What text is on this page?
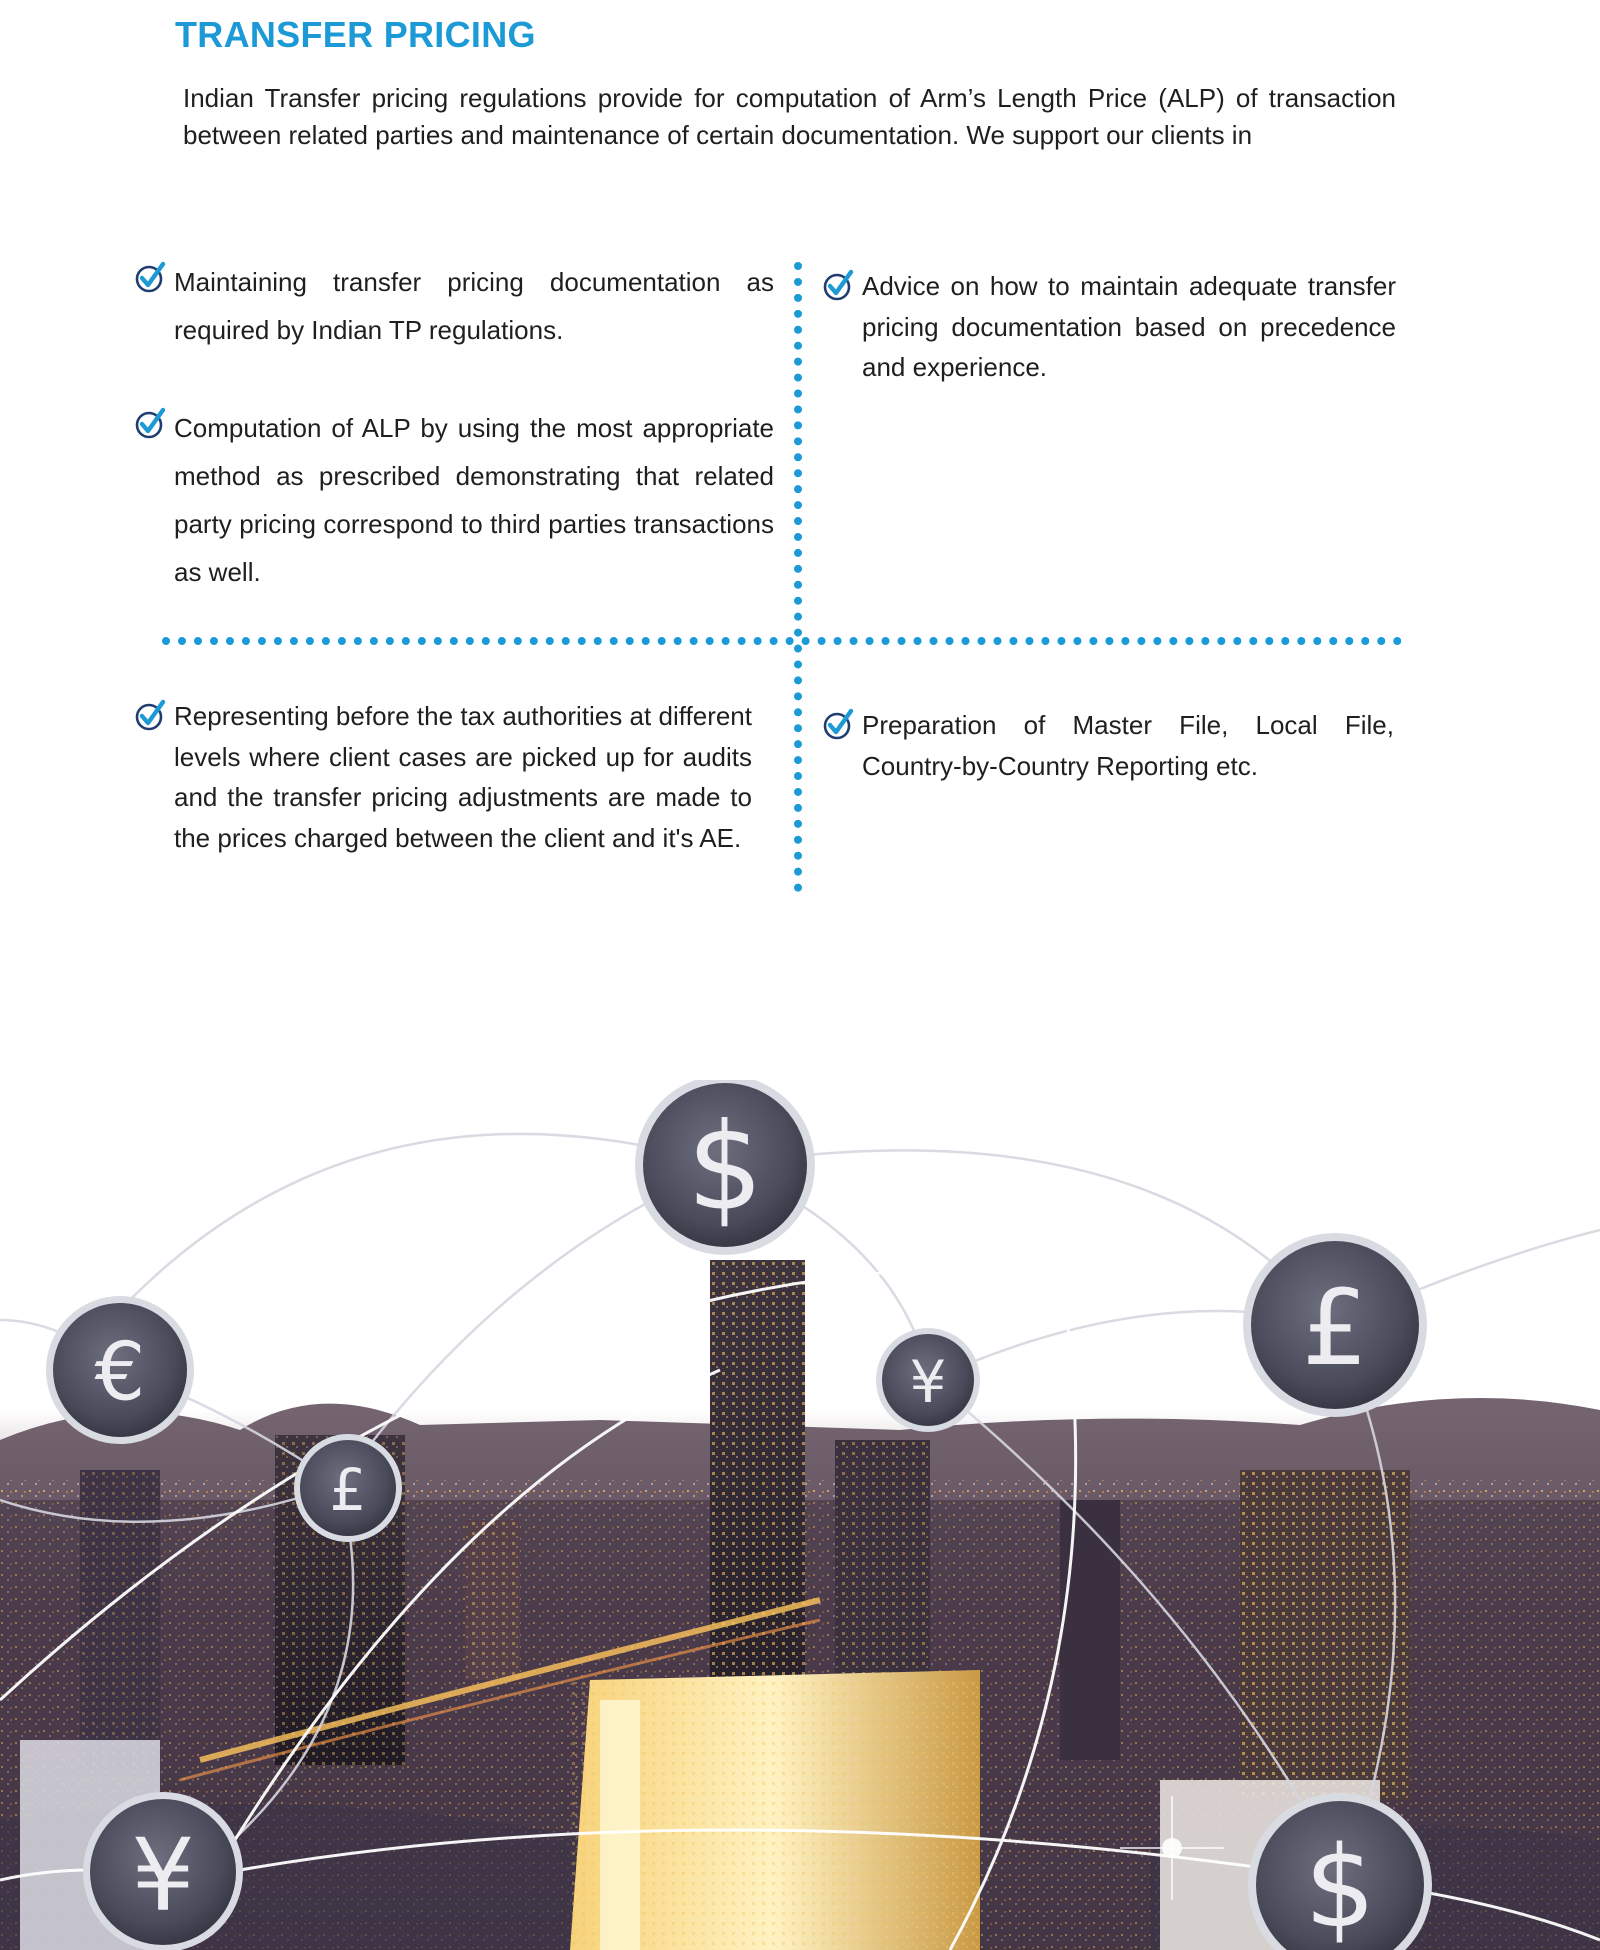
TRANSFER PRICING

Indian Transfer pricing regulations provide for computation of Arm’s Length Price (ALP) of transaction between related parties and maintenance of certain documentation. We support our clients in

Maintaining transfer pricing documentation as required by Indian TP regulations.

Computation of ALP by using the most appropriate method as prescribed demonstrating that related party pricing correspond to third parties transactions as well.

Advice on how to maintain adequate transfer pricing documentation based on precedence and experience.

Representing before the tax authorities at different levels where client cases are picked up for audits and the transfer pricing adjustments are made to the prices charged between the client and it's AE.

Preparation of Master File, Local File, Country-by-Country Reporting etc.

$
€
£
¥	£
¥	$
